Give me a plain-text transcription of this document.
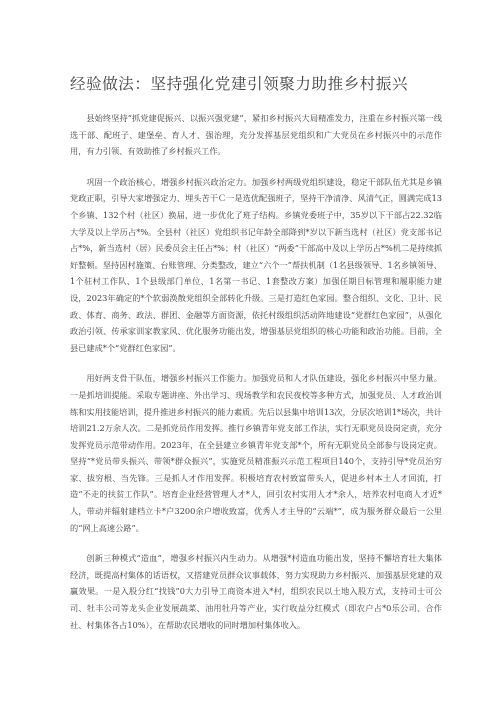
经验做法：坚持强化党建引领聚力助推乡村振兴

县始终坚持“抓党建促振兴、以振兴强党建”，紧扣乡村振兴大局精准发力，注重在乡村振兴第一线选干部、配班子、建堡垒、育人才、强治理，充分发挥基层党组织和广大党员在乡村振兴中的示范作用，有力引领、有效助推了乡村振兴工作。

巩固一个政治核心，增强乡村振兴政治定力。加强乡村两级党组织建设，稳定干部队伍尤其是乡镇党政正职，引导大家增强定力、埋头苦干Ｃ一是选优配强班子，坚持干净清净、风清气正，圆满完成13个乡镇、132个村（社区）换届，进一步优化了班子结构。乡镇党委班子中，35岁以下干部占22.32临大学及以上学历占*%。全县村（社区）党组织书记年龄全部降到*岁以下新当选村（社区）党支部书记占*%，新当选村（居）民委员会主任占*%；村（社区）“两委”干部高中及以上学历占*%机二是持续抓好整顿。坚持因村施策、台账管理、分类整改，建立“六个一”帮扶机制（1名县级领导、1名乡镇领导、1个驻村工作队、1个县级部门单位、1名第一书记、1套整改方案）加强任期目标管理和履职能力建设，2023年确定的*个软弱涣散党组织全部转化升级。三是打造红色家园。整合组织、文化、卫计、民政、体育、商务、政法、群团、金融等方面资源，依托村级组织活动阵地建设“党群红色家园”，从强化政治引领、传承家训家教家风、优化服务功能出发，增强基层党组织的核心功能和政治功能。目前，全县已建成*个“党群红色家园”。

用好两支骨干队伍，增强乡村振兴工作能力。加强党员和人才队伍建设，强化乡村振兴中坚力量。一是抓培训提能。采取专题讲座、外出学习、现场教学和农民夜校等多种方式，加强党员、人才政治训练和实用技能培训，提升推进乡村振兴的能力素质。先后以县集中培训13次，分层次培训1*场次，共计培训21.2万余人次。二是抓党员作用发挥。推行乡镇青年党支部工作法，实行无职党员设岗定责，充分发挥党员示范带动作用。2023年，在全县建立乡镇青年党支部*个，所有无职党员全部参与设岗定责。坚持“*党员带头振兴、带领*群众振兴”，实施党员精准振兴示范工程项目140个，支持引导*党员治穷家、拔穷根、当先锋。三是抓人才作用发挥。积极培育农村致富带头人，促进乡村本土人才回流，打造“不走的扶贫工作队”。培育企业经营管理人才*人，回引农村实用人才*余人，培养农村电商人才近*人，带动并辐射建档立卡*户3200余户增收致富，优秀人才主导的“云端*”，成为服务群众最后一公里的“网上高速公路”。

创新三种模式“造血”，增强乡村振兴内生动力。从增强*村造血功能出发，坚持不懈培育壮大集体经济，既提高村集体的话语权，又搭建党员群众议事载体，努力实现助力乡村振兴、加强基层党建的双赢效果。一是入股分红“找钱”0大力引导工商资本进入*村，组织农民以土地入股方式，支持司士可公司、牡丰公司等龙头企业发展蔬菜、油用牡丹等产业，实行收益分红模式（即农户占*0乐公司、合作社、村集体各占10%），在帮助农民增收的同时增加村集体收入。
